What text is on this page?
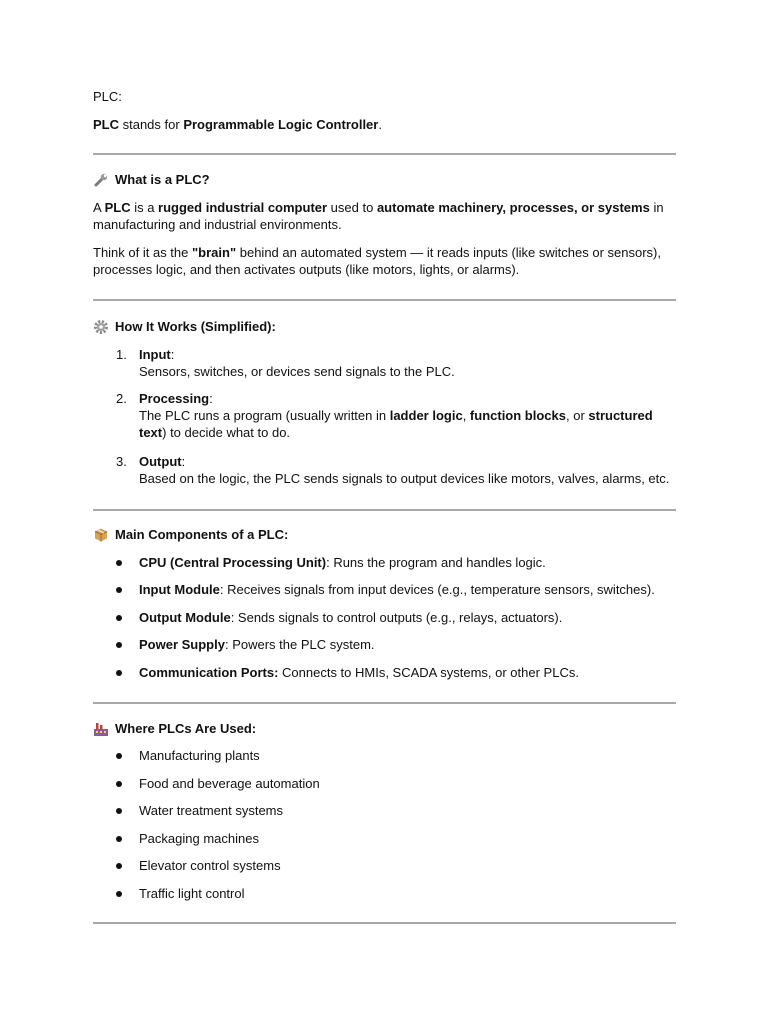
PLC:
PLC stands for Programmable Logic Controller.
What is a PLC?
A PLC is a rugged industrial computer used to automate machinery, processes, or systems in manufacturing and industrial environments.
Think of it as the "brain" behind an automated system — it reads inputs (like switches or sensors), processes logic, and then activates outputs (like motors, lights, or alarms).
How It Works (Simplified):
1. Input:
Sensors, switches, or devices send signals to the PLC.
2. Processing:
The PLC runs a program (usually written in ladder logic, function blocks, or structured text) to decide what to do.
3. Output:
Based on the logic, the PLC sends signals to output devices like motors, valves, alarms, etc.
Main Components of a PLC:
CPU (Central Processing Unit): Runs the program and handles logic.
Input Module: Receives signals from input devices (e.g., temperature sensors, switches).
Output Module: Sends signals to control outputs (e.g., relays, actuators).
Power Supply: Powers the PLC system.
Communication Ports: Connects to HMIs, SCADA systems, or other PLCs.
Where PLCs Are Used:
Manufacturing plants
Food and beverage automation
Water treatment systems
Packaging machines
Elevator control systems
Traffic light control
